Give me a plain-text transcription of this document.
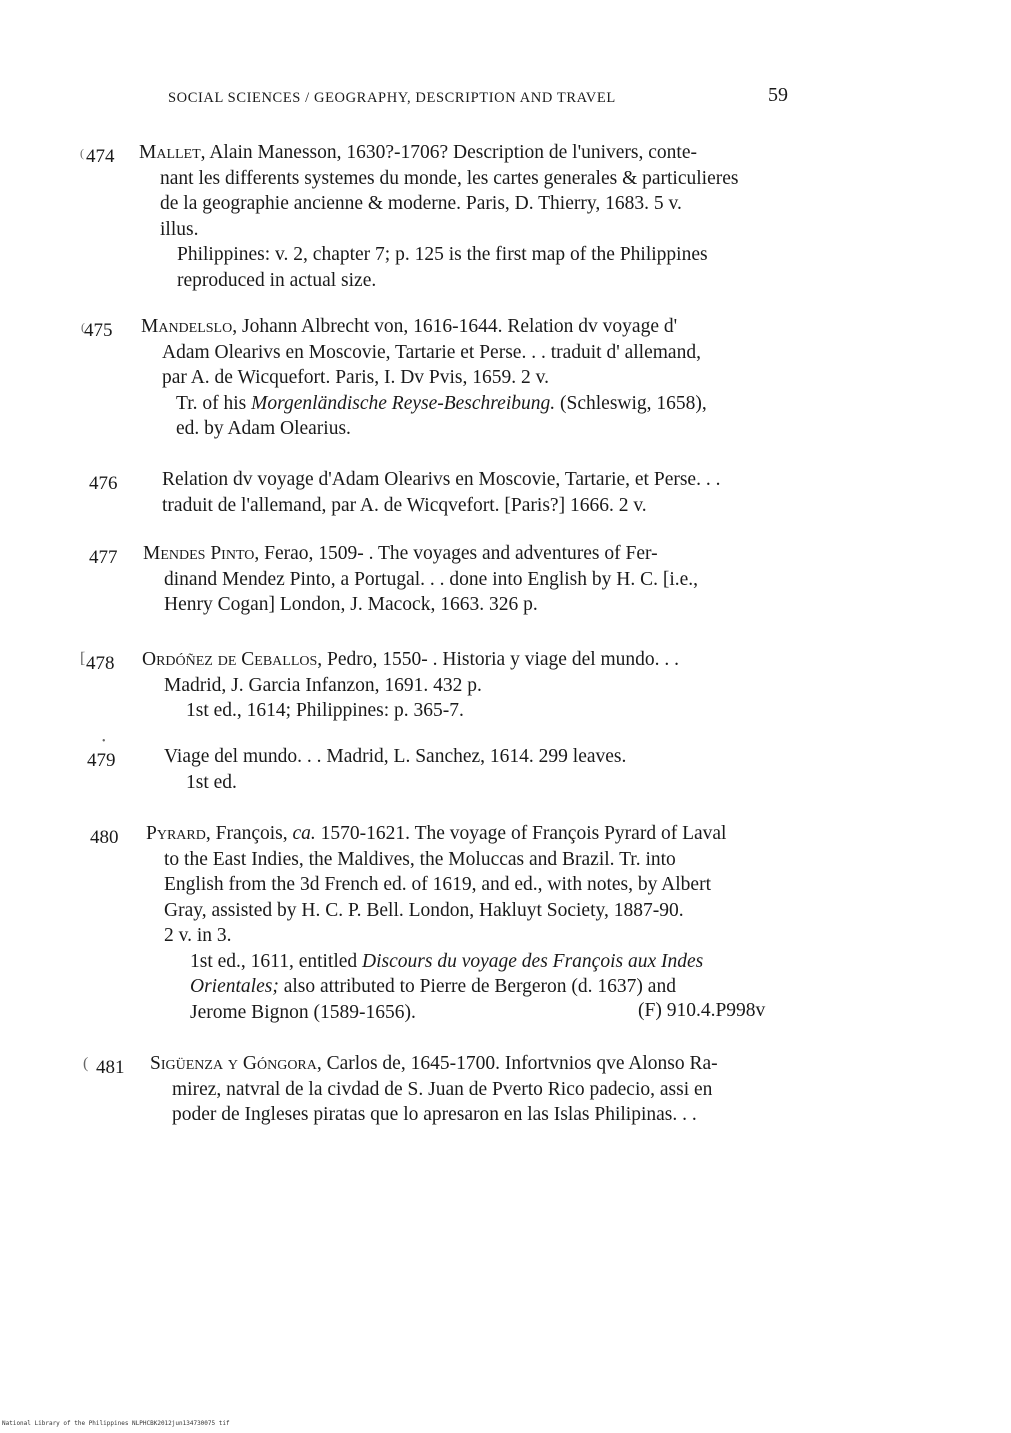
SOCIAL SCIENCES / GEOGRAPHY, DESCRIPTION AND TRAVEL	59
474 Mallet, Alain Manesson, 1630?-1706? Description de l'univers, conte-
nant les differents systemes du monde, les cartes generales & particulieres
de la geographie ancienne & moderne. Paris, D. Thierry, 1683. 5 v.
illus.
Philippines: v. 2, chapter 7; p. 125 is the first map of the Philippines
reproduced in actual size.
475 Mandelslo, Johann Albrecht von, 1616-1644. Relation dv voyage d'
Adam Olearivs en Moscovie, Tartarie et Perse. . . traduit d' allemand,
par A. de Wicquefort. Paris, I. Dv Pvis, 1659. 2 v.
Tr. of his Morgenländische Reyse-Beschreibung. (Schleswig, 1658),
ed. by Adam Olearius.
476 Relation dv voyage d'Adam Olearivs en Moscovie, Tartarie, et Perse. . .
traduit de l'allemand, par A. de Wicqvefort. [Paris?] 1666. 2 v.
477 Mendes Pinto, Ferao, 1509- . The voyages and adventures of Fer-
dinand Mendez Pinto, a Portugal. . . done into English by H. C. [i.e.,
Henry Cogan] London, J. Macock, 1663. 326 p.
478 Ordóñez de Ceballos, Pedro, 1550- . Historia y viage del mundo. . .
Madrid, J. Garcia Infanzon, 1691. 432 p.
1st ed., 1614; Philippines: p. 365-7.
479 Viage del mundo. . . Madrid, L. Sanchez, 1614. 299 leaves.
1st ed.
480 Pyrard, François, ca. 1570-1621. The voyage of François Pyrard of Laval
to the East Indies, the Maldives, the Moluccas and Brazil. Tr. into
English from the 3d French ed. of 1619, and ed., with notes, by Albert
Gray, assisted by H. C. P. Bell. London, Hakluyt Society, 1887-90.
2 v. in 3.
1st ed., 1611, entitled Discours du voyage des François aux Indes
Orientales; also attributed to Pierre de Bergeron (d. 1637) and
Jerome Bignon (1589-1656).	(F) 910.4.P998v
481 Sigüenza y Góngora, Carlos de, 1645-1700. Infortvnios qve Alonso Ra-
mirez, natvral de la civdad de S. Juan de Pverto Rico padecio, assi en
poder de Ingleses piratas que lo apresaron en las Islas Philipinas. . .
(
(
[
(
•
National Library of the Philippines NLPHCBK2012jun134730075 tif
